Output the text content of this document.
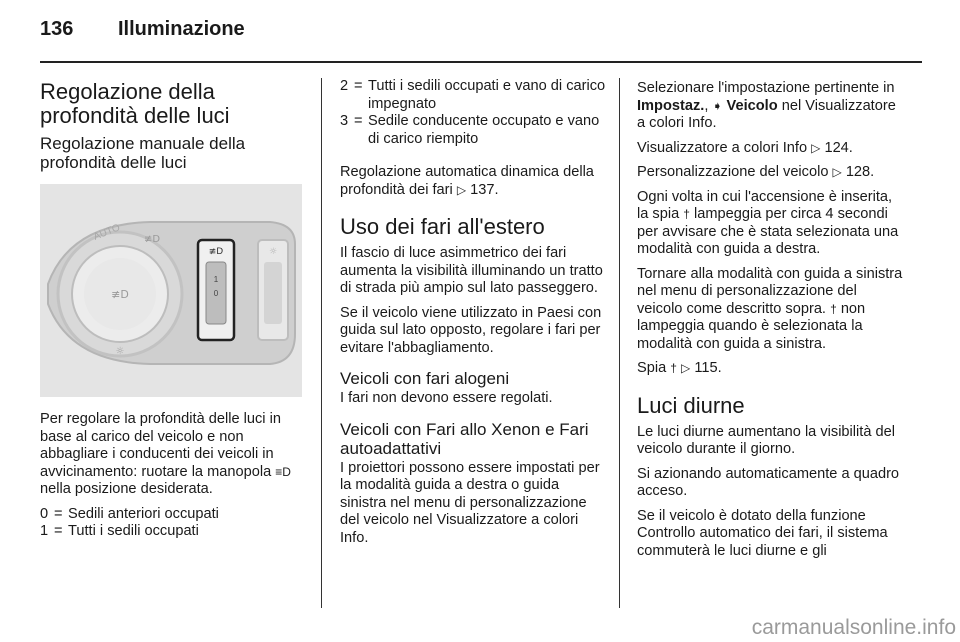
136 Illuminazione
Regolazione della profondità delle luci
Regolazione manuale della profondità delle luci
≢D
AUTO ≢D
☼
≢D
1
0
☼

Per regolare la profondità delle luci in base al carico del veicolo e non abbagliare i conducenti dei veicoli in avvicinamento: ruotare la manopola ≡D nella posizione desiderata.

0 = Sedili anteriori occupati
1 = Tutti i sedili occupati
2 = Tutti i sedili occupati e vano di carico impegnato
3 = Sedile conducente occupato e vano di carico riempito

Regolazione automatica dinamica della profondità dei fari ▷ 137.

Uso dei fari all'estero

Il fascio di luce asimmetrico dei fari aumenta la visibilità illuminando un tratto di strada più ampio sul lato passeggero.

Se il veicolo viene utilizzato in Paesi con guida sul lato opposto, regolare i fari per evitare l'abbagliamento.

Veicoli con fari alogeni

I fari non devono essere regolati.

Veicoli con Fari allo Xenon e Fari autoadattativi

I proiettori possono essere impostati per la modalità guida a destra o guida sinistra nel menu di personalizzazione del veicolo nel Visualizzatore a colori Info.

Selezionare l'impostazione pertinente in Impostaz., ➧ Veicolo nel Visualizzatore a colori Info.

Visualizzatore a colori Info ▷ 124.

Personalizzazione del veicolo ▷ 128.

Ogni volta in cui l'accensione è inserita, la spia † lampeggia per circa 4 secondi per avvisare che è stata selezionata una modalità con guida a destra.

Tornare alla modalità con guida a sinistra nel menu di personalizzazione del veicolo come descritto sopra. † non lampeggia quando è selezionata la modalità con guida a sinistra.

Spia † ▷ 115.

Luci diurne

Le luci diurne aumentano la visibilità del veicolo durante il giorno.

Si azionando automaticamente a quadro acceso.

Se il veicolo è dotato della funzione Controllo automatico dei fari, il sistema commuterà le luci diurne e gli

carmanualsonline.info
